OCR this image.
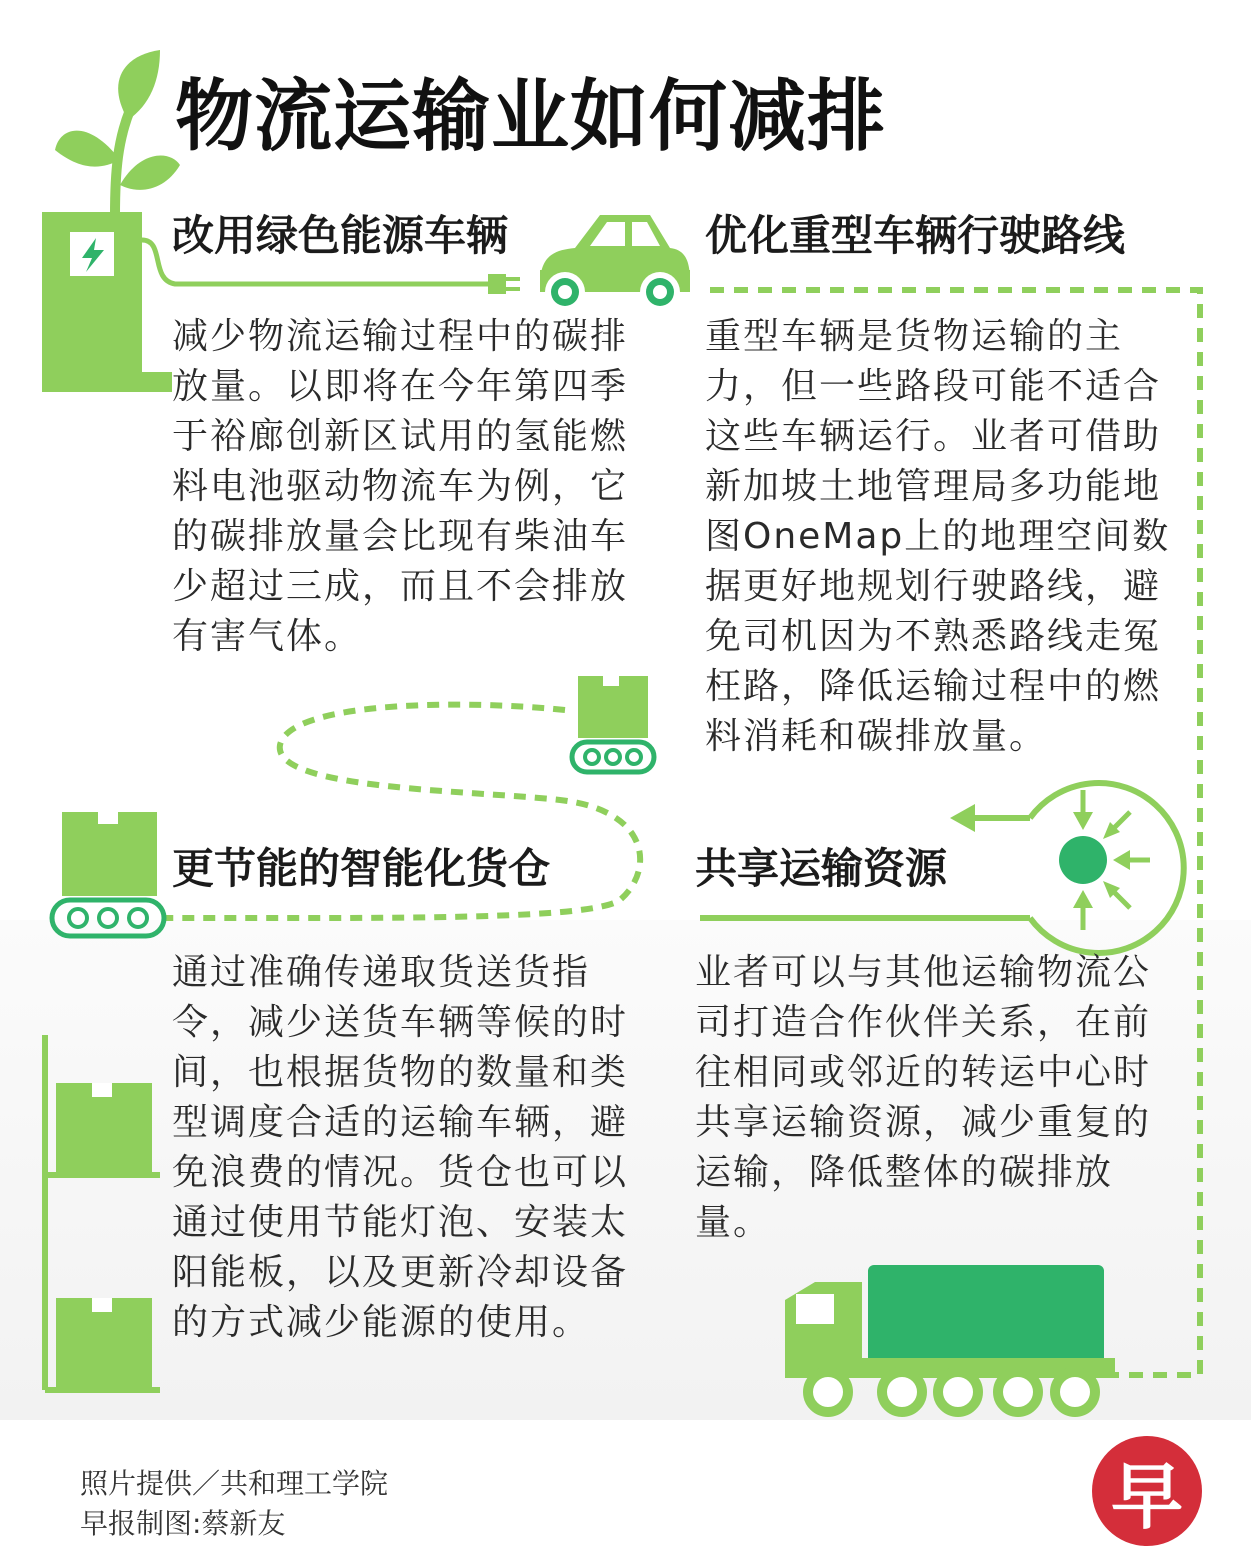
物流运输业如何减排
改用绿色能源车辆
减少物流运输过程中的碳排放量。以即将在今年第四季于裕廊创新区试用的氢能燃料电池驱动物流车为例，它的碳排放量会比现有柴油车少超过三成，而且不会排放有害气体。
优化重型车辆行驶路线
重型车辆是货物运输的主力，但一些路段可能不适合这些车辆运行。业者可借助新加坡土地管理局多功能地图OneMap上的地理空间数据更好地规划行驶路线，避免司机因为不熟悉路线走冤枉路，降低运输过程中的燃料消耗和碳排放量。
更节能的智能化货仓
通过准确传递取货送货指令，减少送货车辆等候的时间，也根据货物的数量和类型调度合适的运输车辆，避免浪费的情况。货仓也可以通过使用节能灯泡、安装太阳能板，以及更新冷却设备的方式减少能源的使用。
共享运输资源
业者可以与其他运输物流公司打造合作伙伴关系，在前往相同或邻近的转运中心时共享运输资源，减少重复的运输，降低整体的碳排放量。
照片提供／共和理工学院
早报制图:蔡新友	早
